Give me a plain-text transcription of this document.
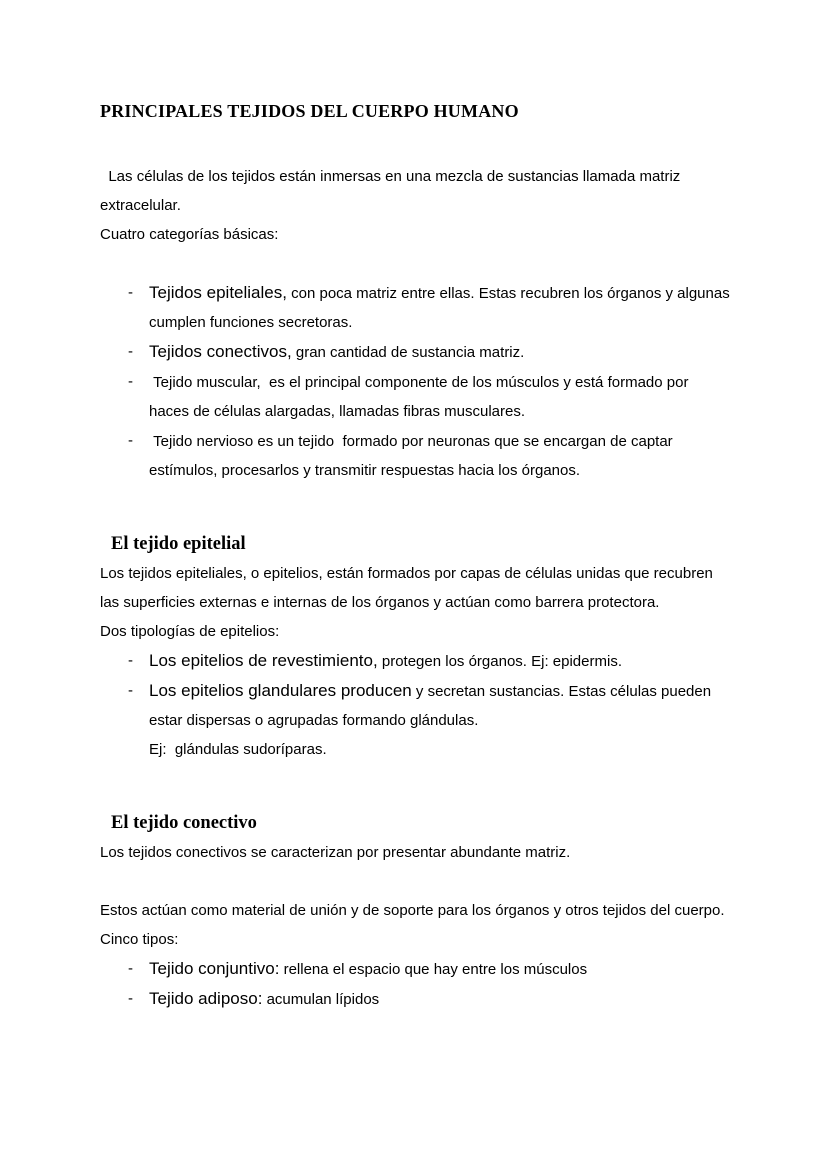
PRINCIPALES TEJIDOS DEL CUERPO HUMANO

Las células de los tejidos están inmersas en una mezcla de sustancias llamada matriz extracelular.

Cuatro categorías básicas:

- Tejidos epiteliales, con poca matriz entre ellas. Estas recubren los órganos y algunas cumplen funciones secretoras.
- Tejidos conectivos, gran cantidad de sustancia matriz.
-	Tejido muscular,  es el principal componente de los músculos y está formado por haces de células alargadas, llamadas fibras musculares.
-	Tejido nervioso es un tejido  formado por neuronas que se encargan de captar estímulos, procesarlos y transmitir respuestas hacia los órganos.
El tejido epitelial

Los tejidos epiteliales, o epitelios, están formados por capas de células unidas que recubren las superficies externas e internas de los órganos y actúan como barrera protectora.

Dos tipologías de epitelios:

- Los epitelios de revestimiento, protegen los órganos. Ej: epidermis.
- Los epitelios glandulares producen y secretan sustancias. Estas células pueden estar dispersas o agrupadas formando glándulas.
Ej:  glándulas sudoríparas.
El tejido conectivo

Los tejidos conectivos se caracterizan por presentar abundante matriz.

Estos actúan como material de unión y de soporte para los órganos y otros tejidos del cuerpo. Cinco tipos:

- Tejido conjuntivo: rellena el espacio que hay entre los músculos
- Tejido adiposo: acumulan lípidos
